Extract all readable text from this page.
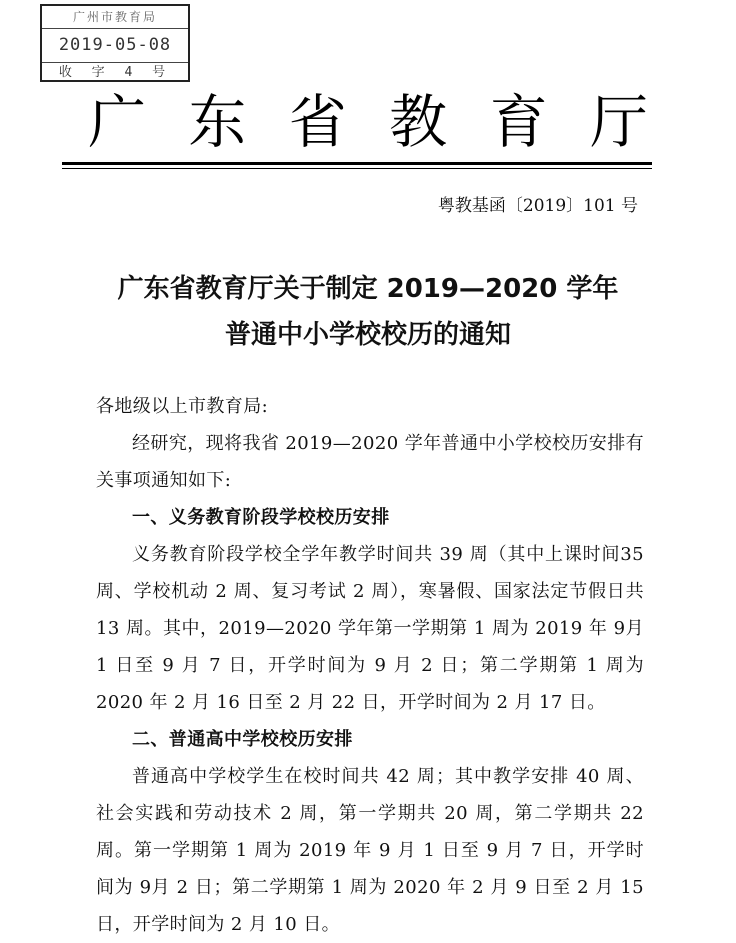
广州市教育局
2019-05-08
收 字 4 号
广 东 省 教 育 厅
粤教基函〔2019〕101 号
广东省教育厅关于制定 2019—2020 学年
普通中小学校校历的通知

各地级以上市教育局:

经研究，现将我省 2019—2020 学年普通中小学校校历安排有关事项通知如下:

一、义务教育阶段学校校历安排

义务教育阶段学校全学年教学时间共 39 周（其中上课时间35 周、学校机动 2 周、复习考试 2 周），寒暑假、国家法定节假日共 13 周。其中，2019—2020 学年第一学期第 1 周为 2019 年 9月 1 日至 9 月 7 日，开学时间为 9 月 2 日；第二学期第 1 周为2020 年 2 月 16 日至 2 月 22 日，开学时间为 2 月 17 日。

二、普通高中学校校历安排

普通高中学校学生在校时间共 42 周；其中教学安排 40 周、社会实践和劳动技术 2 周，第一学期共 20 周，第二学期共 22 周。第一学期第 1 周为 2019 年 9 月 1 日至 9 月 7 日，开学时间为 9月 2 日；第二学期第 1 周为 2020 年 2 月 9 日至 2 月 15 日，开学时间为 2 月 10 日。
